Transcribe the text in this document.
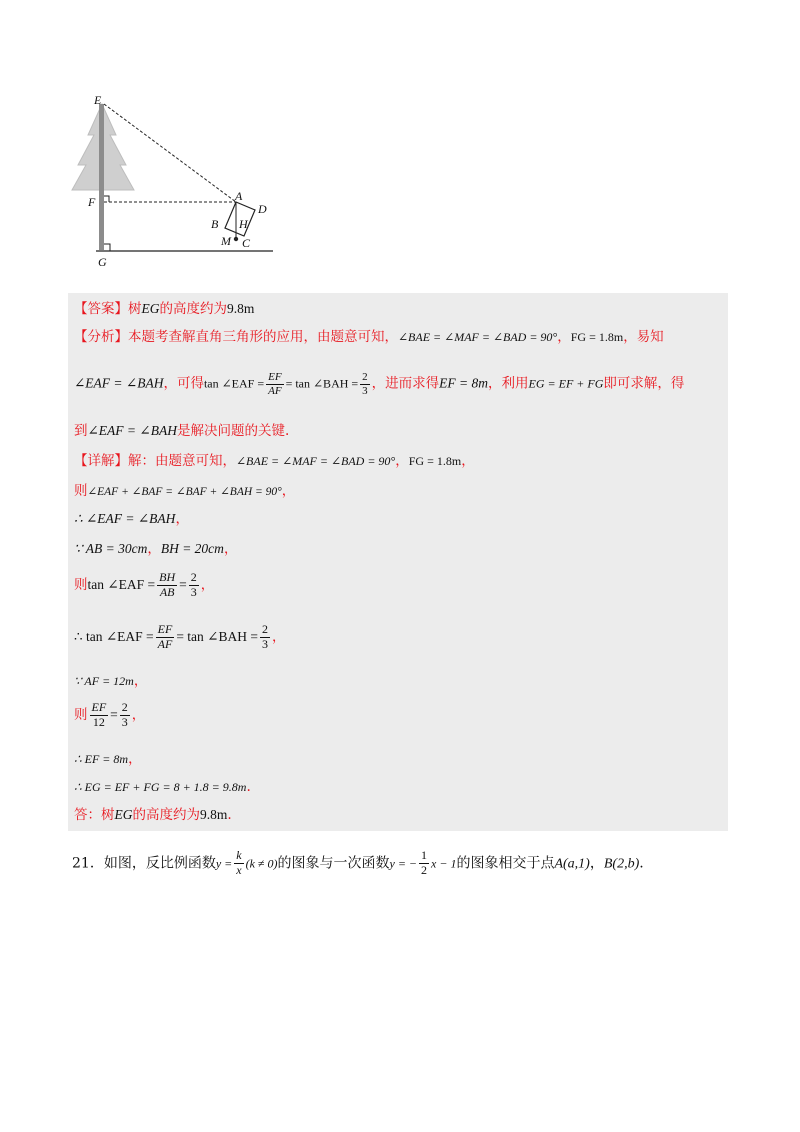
E
F
G
A
D
B H
M C
【答案】树EG的高度约为9.8m
【分析】本题考查解直角三角形的应用，由题意可知，∠BAE = ∠MAF = ∠BAD = 90°，FG = 1.8m，易知
∠EAF = ∠BAH，可得tan ∠EAF = $\frac{EF}{AF} = \tan$ ∠BAH = $\frac{2}{3}$ ，进而求得EF = 8m，利用EG = EF + FG即可求解，得
到∠EAF = ∠BAH是解决问题的关键.
【详解】解：由题意可知，∠BAE = ∠MAF = ∠BAD = 90°，FG = 1.8m，
则∠EAF + ∠BAF = ∠BAF + ∠BAH = 90°，
∴ ∠EAF = ∠BAH，
∵ AB = 30cm，BH = 20cm，
则tan ∠EAF = $\frac{BH}{AB} = \frac{2}{3}$ ，
∴ tan ∠EAF = $\frac{EF}{AF} = \tan$ ∠BAH = $\frac{2}{3}$ ，
∵ AF = 12m，
则 $\frac{EF}{12} = \frac{2}{3}$ ，
∴ EF = 8m，
∴ EG = EF + FG = 8 + 1.8 = 9.8m.
答：树EG的高度约为9.8m.
21．如图，反比例函数$y = \frac{k}{x} (k \ne 0)$的图象与一次函数y = − $\frac{1}{2}$ x − 1的图象相交于点A(a,1)，B(2,b).
